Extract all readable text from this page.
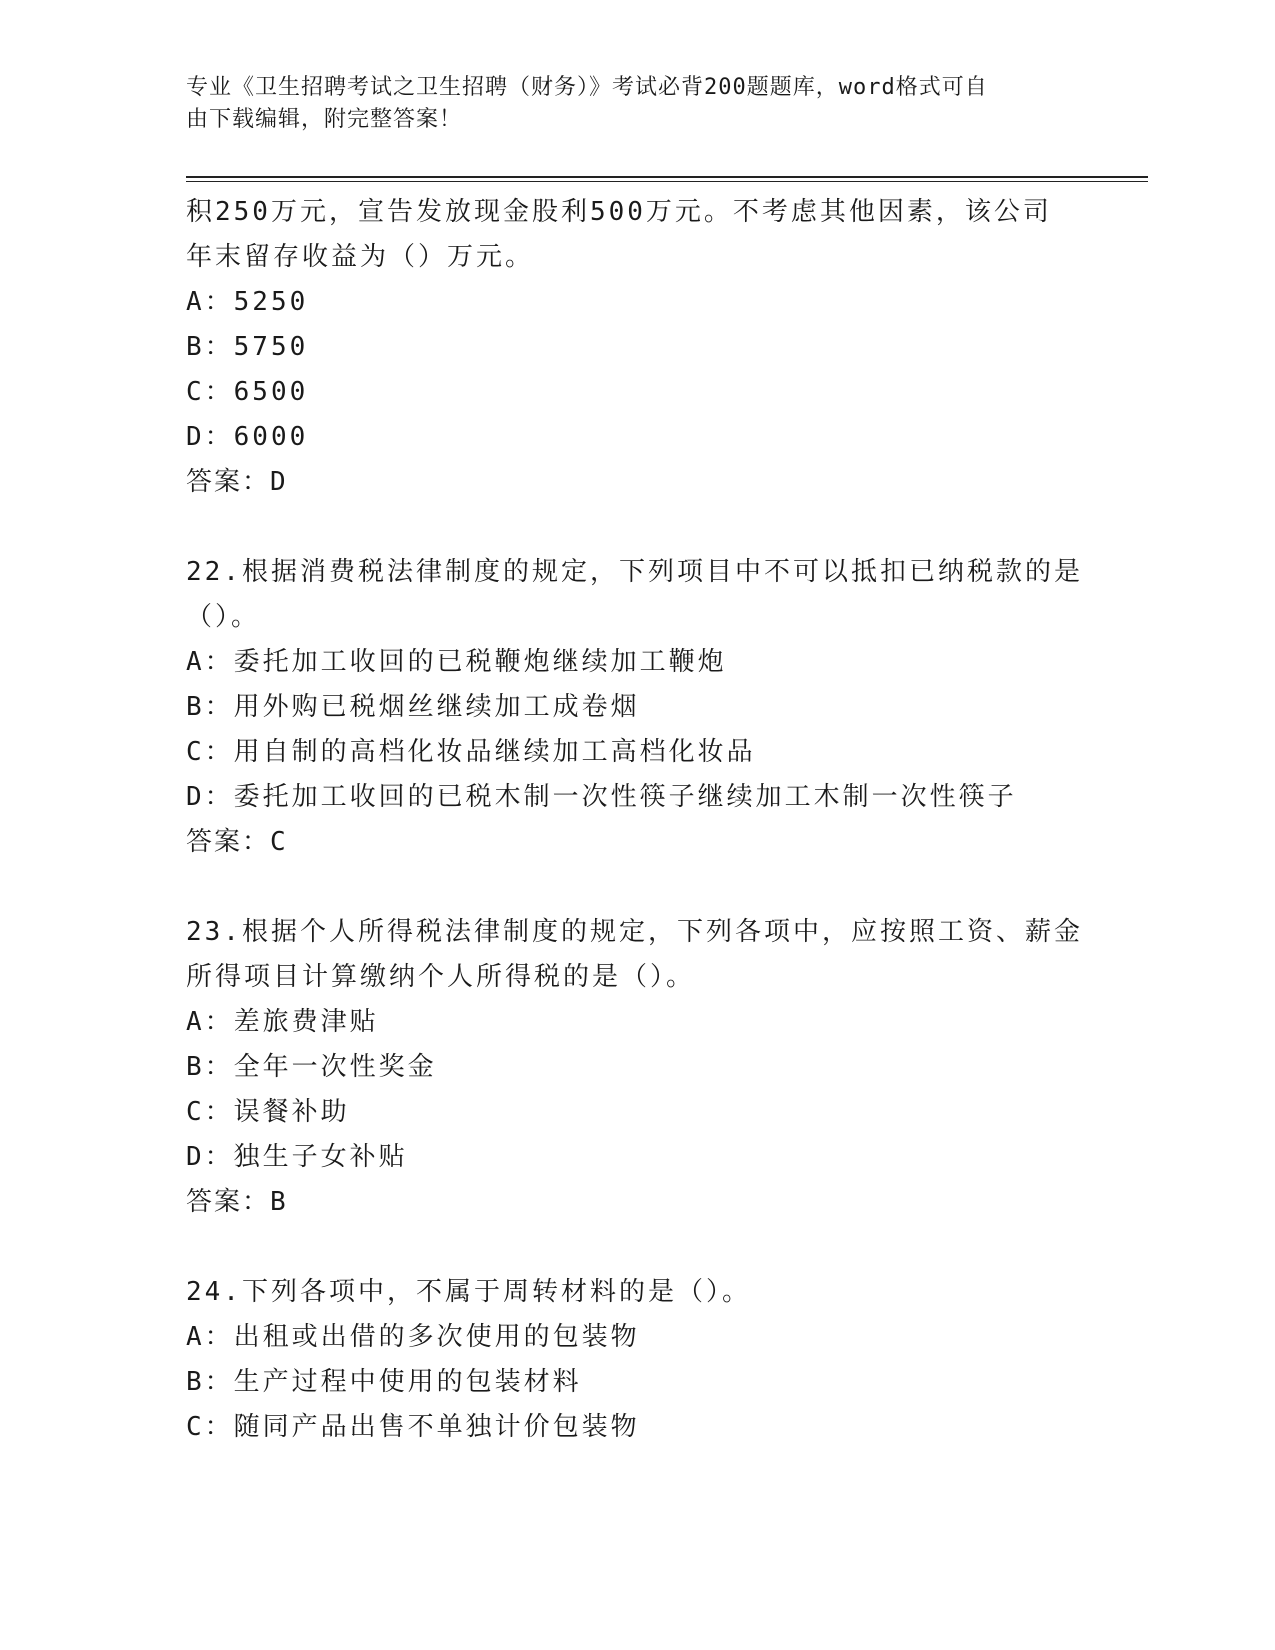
专业《卫生招聘考试之卫生招聘（财务）》考试必背200题题库，word格式可自
由下载编辑，附完整答案！
积250万元，宣告发放现金股利500万元。不考虑其他因素，该公司
年末留存收益为（）万元。
A：5250
B：5750
C：6500
D：6000
答案：D
22.根据消费税法律制度的规定，下列项目中不可以抵扣已纳税款的是
（）。
A：委托加工收回的已税鞭炮继续加工鞭炮
B：用外购已税烟丝继续加工成卷烟
C：用自制的高档化妆品继续加工高档化妆品
D：委托加工收回的已税木制一次性筷子继续加工木制一次性筷子
答案：C
23.根据个人所得税法律制度的规定，下列各项中，应按照工资、薪金
所得项目计算缴纳个人所得税的是（）。
A：差旅费津贴
B：全年一次性奖金
C：误餐补助
D：独生子女补贴
答案：B
24.下列各项中，不属于周转材料的是（）。
A：出租或出借的多次使用的包装物
B：生产过程中使用的包装材料
C：随同产品出售不单独计价包装物
